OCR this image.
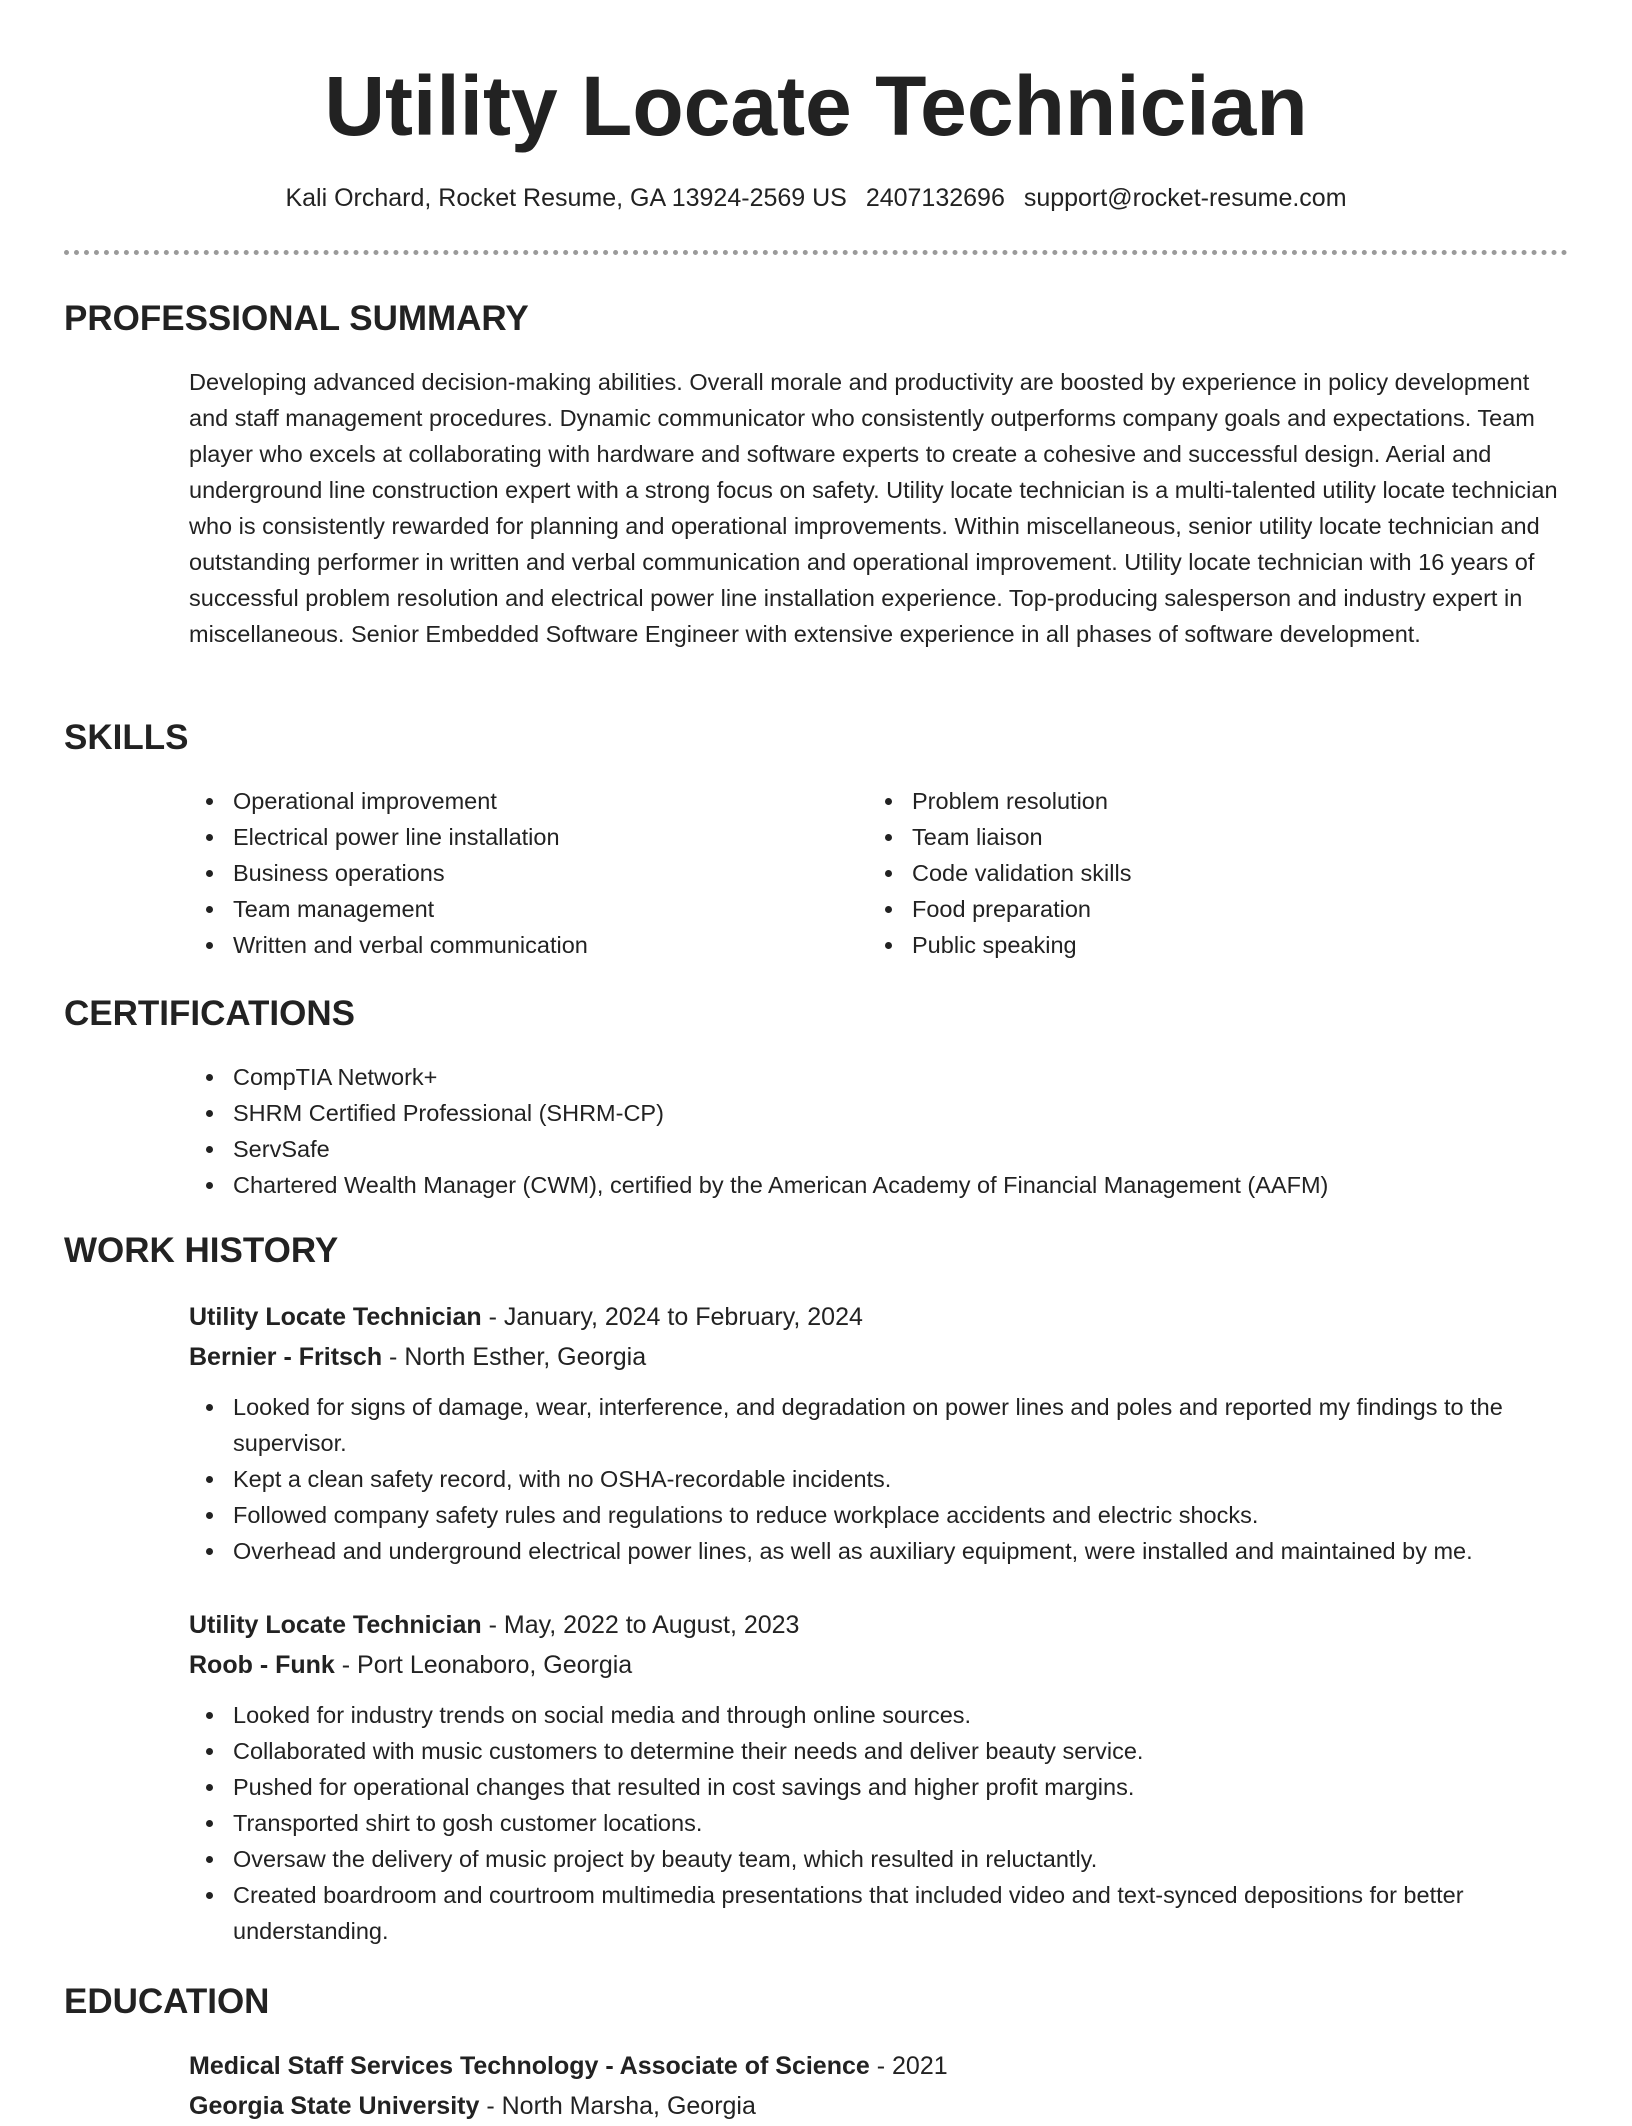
Utility Locate Technician
Kali Orchard, Rocket Resume, GA 13924-2569 US 2407132696 support@rocket-resume.com
PROFESSIONAL SUMMARY

Developing advanced decision-making abilities. Overall morale and productivity are boosted by experience in policy development and staff management procedures. Dynamic communicator who consistently outperforms company goals and expectations. Team player who excels at collaborating with hardware and software experts to create a cohesive and successful design. Aerial and underground line construction expert with a strong focus on safety. Utility locate technician is a multi-talented utility locate technician who is consistently rewarded for planning and operational improvements. Within miscellaneous, senior utility locate technician and outstanding performer in written and verbal communication and operational improvement. Utility locate technician with 16 years of successful problem resolution and electrical power line installation experience. Top-producing salesperson and industry expert in miscellaneous. Senior Embedded Software Engineer with extensive experience in all phases of software development.

SKILLS
Operational improvement
Electrical power line installation
Business operations
Team management
Written and verbal communication
Problem resolution
Team liaison
Code validation skills
Food preparation
Public speaking
CERTIFICATIONS
CompTIA Network+
SHRM Certified Professional (SHRM-CP)
ServSafe
Chartered Wealth Manager (CWM), certified by the American Academy of Financial Management (AAFM)
WORK HISTORY

Utility Locate Technician - January, 2024 to February, 2024

Bernier - Fritsch - North Esther, Georgia

Looked for signs of damage, wear, interference, and degradation on power lines and poles and reported my findings to the supervisor.
Kept a clean safety record, with no OSHA-recordable incidents.
Followed company safety rules and regulations to reduce workplace accidents and electric shocks.
Overhead and underground electrical power lines, as well as auxiliary equipment, were installed and maintained by me.

Utility Locate Technician - May, 2022 to August, 2023

Roob - Funk - Port Leonaboro, Georgia

Looked for industry trends on social media and through online sources.
Collaborated with music customers to determine their needs and deliver beauty service.
Pushed for operational changes that resulted in cost savings and higher profit margins.
Transported shirt to gosh customer locations.
Oversaw the delivery of music project by beauty team, which resulted in reluctantly.
Created boardroom and courtroom multimedia presentations that included video and text-synced depositions for better understanding.
EDUCATION

Medical Staff Services Technology - Associate of Science - 2021

Georgia State University - North Marsha, Georgia
